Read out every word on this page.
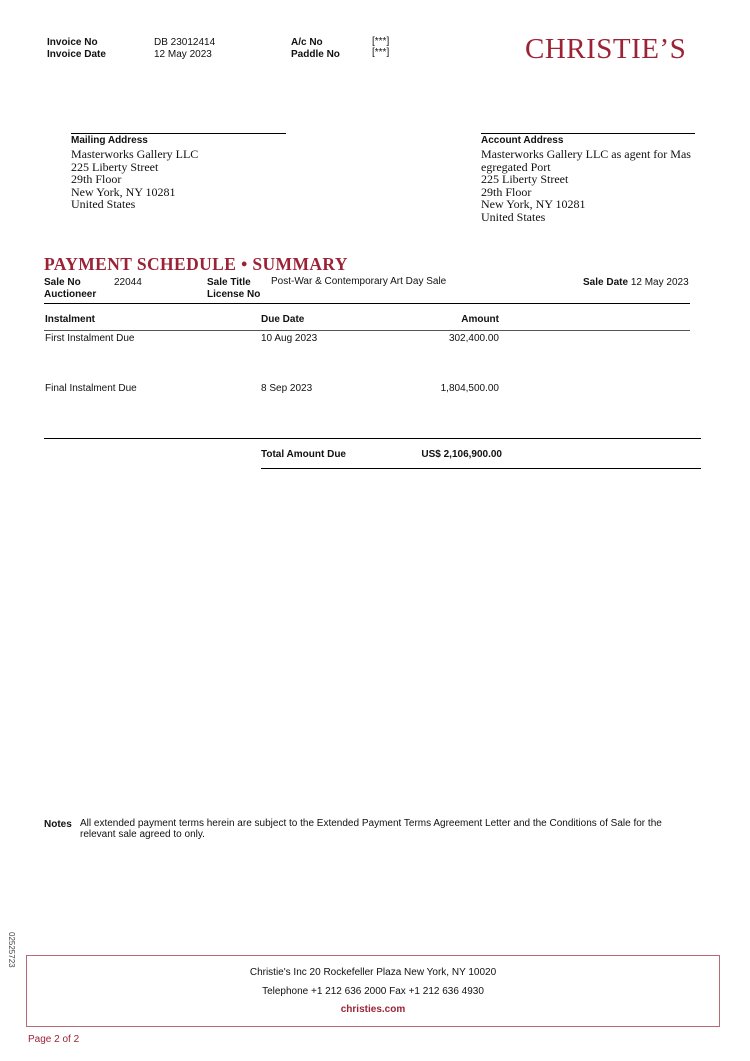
Invoice No	DB 23012414
Invoice Date	12 May 2023
A/c No	[***]
Paddle No	[***]	CHRISTIE’S
Mailing Address
Masterworks Gallery LLC
225 Liberty Street
29th Floor
New York, NY 10281
United States
Account Address
Masterworks Gallery LLC as agent for Mas
egregated Port
225 Liberty Street
29th Floor
New York, NY 10281
United States
PAYMENT SCHEDULE • SUMMARY
Sale No	22044	Sale Title Post-War & Contemporary Art Day Sale	Sale Date 12 May 2023
Auctioneer	License No
Instalment	Due Date	Amount
First Instalment Due	10 Aug 2023	302,400.00
Final Instalment Due	8 Sep 2023	1,804,500.00
Total Amount Due	US$ 2,106,900.00
Notes All extended payment terms herein are subject to the Extended Payment Terms Agreement Letter and the Conditions of Sale for the relevant sale agreed to only.
02525723
Christie's Inc 20 Rockefeller Plaza New York, NY 10020
Telephone +1 212 636 2000 Fax +1 212 636 4930
christies.com
Page 2 of 2
